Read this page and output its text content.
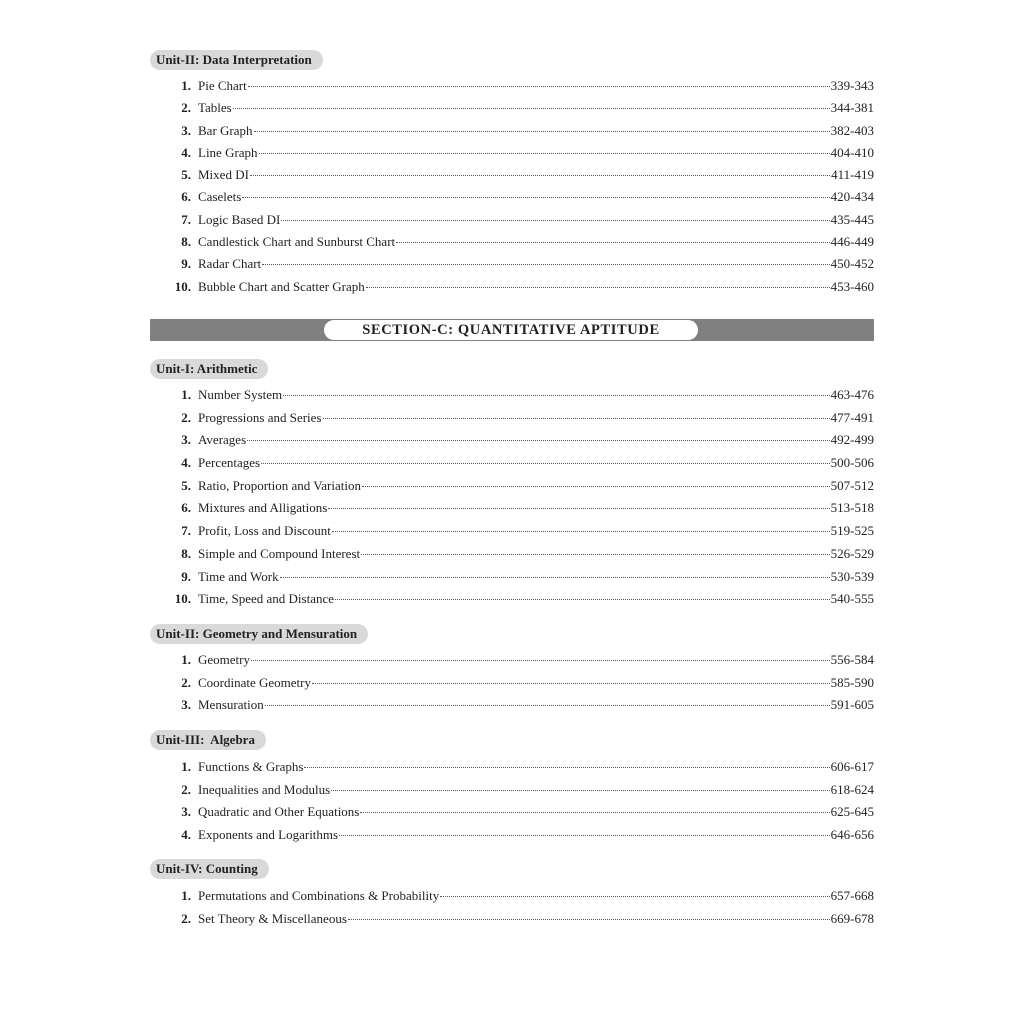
Unit-II: Data Interpretation
1. Pie Chart	339-343
2. Tables	344-381
3. Bar Graph	382-403
4. Line Graph	404-410
5. Mixed DI	411-419
6. Caselets	420-434
7. Logic Based DI	435-445
8. Candlestick Chart and Sunburst Chart	446-449
9. Radar Chart	450-452
10. Bubble Chart and Scatter Graph	453-460
SECTION-C: QUANTITATIVE APTITUDE
Unit-I: Arithmetic
1. Number System	463-476
2. Progressions and Series	477-491
3. Averages	492-499
4. Percentages	500-506
5. Ratio, Proportion and Variation	507-512
6. Mixtures and Alligations	513-518
7. Profit, Loss and Discount	519-525
8. Simple and Compound Interest	526-529
9. Time and Work	530-539
10. Time, Speed and Distance	540-555
Unit-II: Geometry and Mensuration
1. Geometry	556-584
2. Coordinate Geometry	585-590
3. Mensuration	591-605
Unit-III:  Algebra
1. Functions & Graphs	606-617
2. Inequalities and Modulus	618-624
3. Quadratic and Other Equations	625-645
4. Exponents and Logarithms	646-656
Unit-IV: Counting
1. Permutations and Combinations & Probability	657-668
2. Set Theory & Miscellaneous	669-678
